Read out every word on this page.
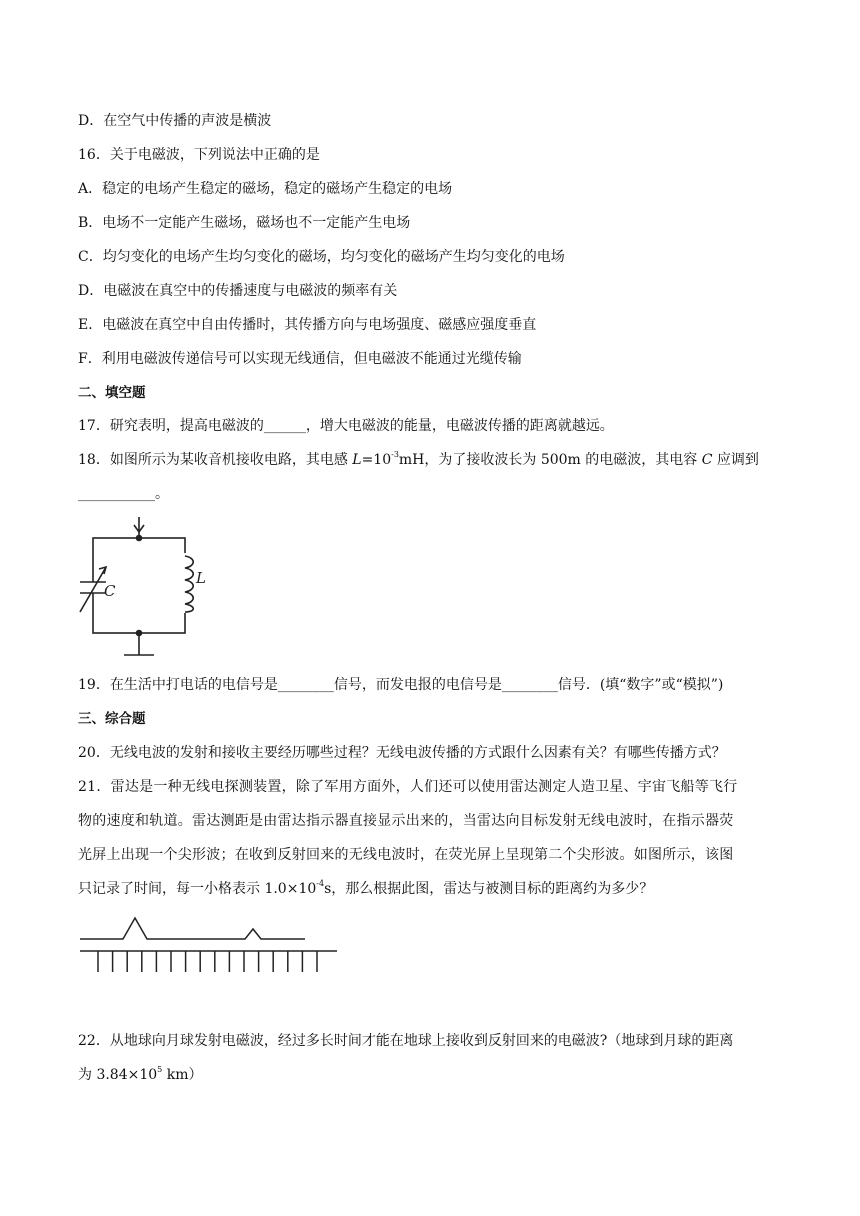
D．在空气中传播的声波是横波
16．关于电磁波，下列说法中正确的是
A．稳定的电场产生稳定的磁场，稳定的磁场产生稳定的电场
B．电场不一定能产生磁场，磁场也不一定能产生电场
C．均匀变化的电场产生均匀变化的磁场，均匀变化的磁场产生均匀变化的电场
D．电磁波在真空中的传播速度与电磁波的频率有关
E．电磁波在真空中自由传播时，其传播方向与电场强度、磁感应强度垂直
F．利用电磁波传递信号可以实现无线通信，但电磁波不能通过光缆传输
二、填空题
17．研究表明，提高电磁波的______，增大电磁波的能量，电磁波传播的距离就越远。
18．如图所示为某收音机接收电路，其电感 $L=10^{-3}mH$，为了接收波长为 500m 的电磁波，其电容 C 应调到
___________。
C
L
19．在生活中打电话的电信号是________信号，而发电报的电信号是________信号．(填“数字”或“模拟”)
三、综合题
20．无线电波的发射和接收主要经历哪些过程？无线电波传播的方式跟什么因素有关？有哪些传播方式？
21．雷达是一种无线电探测装置，除了军用方面外，人们还可以使用雷达测定人造卫星、宇宙飞船等飞行
物的速度和轨道。雷达测距是由雷达指示器直接显示出来的，当雷达向目标发射无线电波时，在指示器荧
光屏上出现一个尖形波；在收到反射回来的无线电波时，在荧光屏上呈现第二个尖形波。如图所示，该图
只记录了时间，每一小格表示 $1.0\times 10^{-4}s$，那么根据此图，雷达与被测目标的距离约为多少？
22．从地球向月球发射电磁波，经过多长时间才能在地球上接收到反射回来的电磁波?（地球到月球的距离
为 $3.84\times 10^5$ km）
